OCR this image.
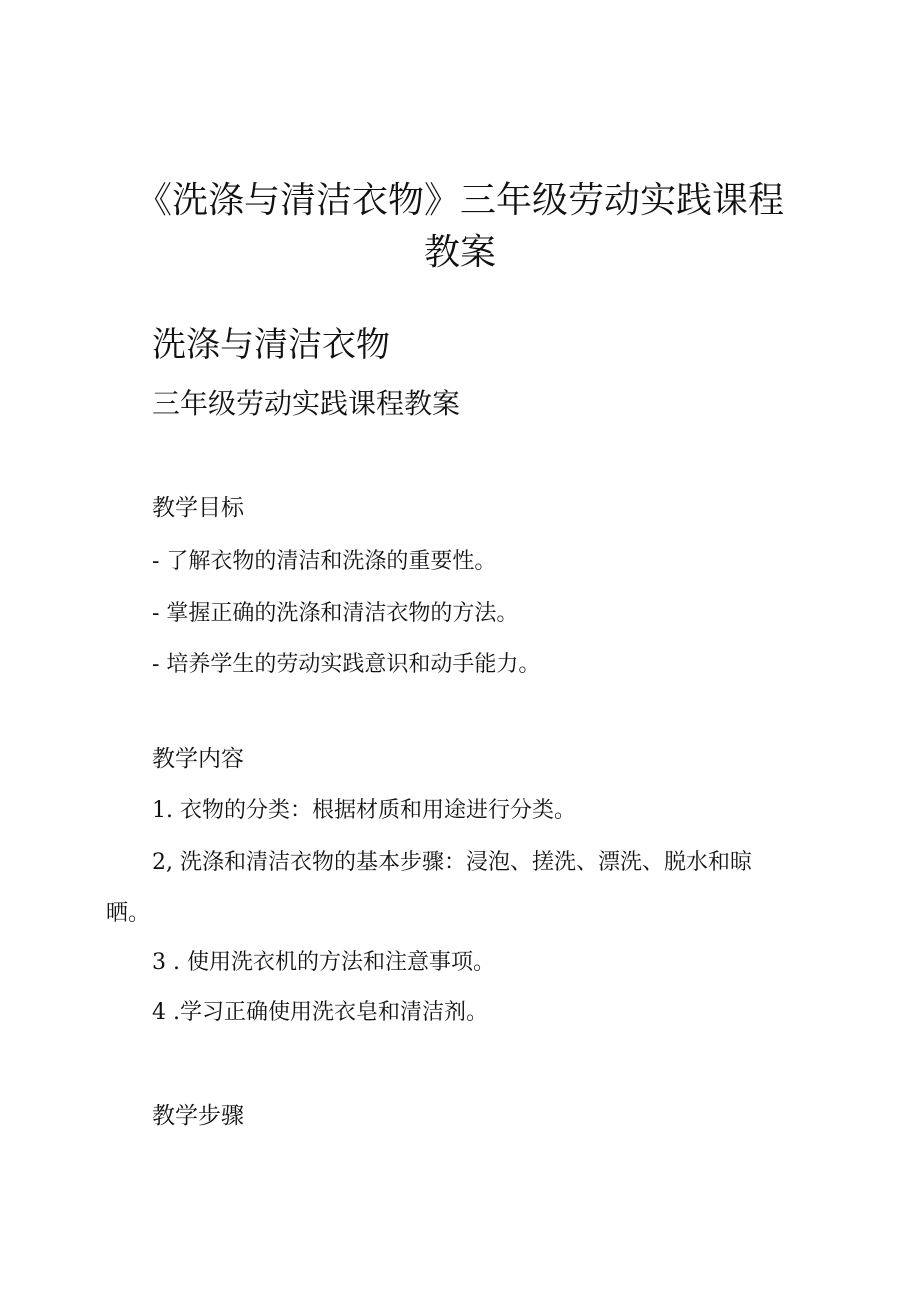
《洗涤与清洁衣物》三年级劳动实践课程
教案
洗涤与清洁衣物
三年级劳动实践课程教案
教学目标
- 了解衣物的清洁和洗涤的重要性。
- 掌握正确的洗涤和清洁衣物的方法。
- 培养学生的劳动实践意识和动手能力。
教学内容
1. 衣物的分类：根据材质和用途进行分类。
2, 洗涤和清洁衣物的基本步骤：浸泡、搓洗、漂洗、脱水和晾
晒。
3 . 使用洗衣机的方法和注意事项。
4 .学习正确使用洗衣皂和清洁剂。
教学步骤
